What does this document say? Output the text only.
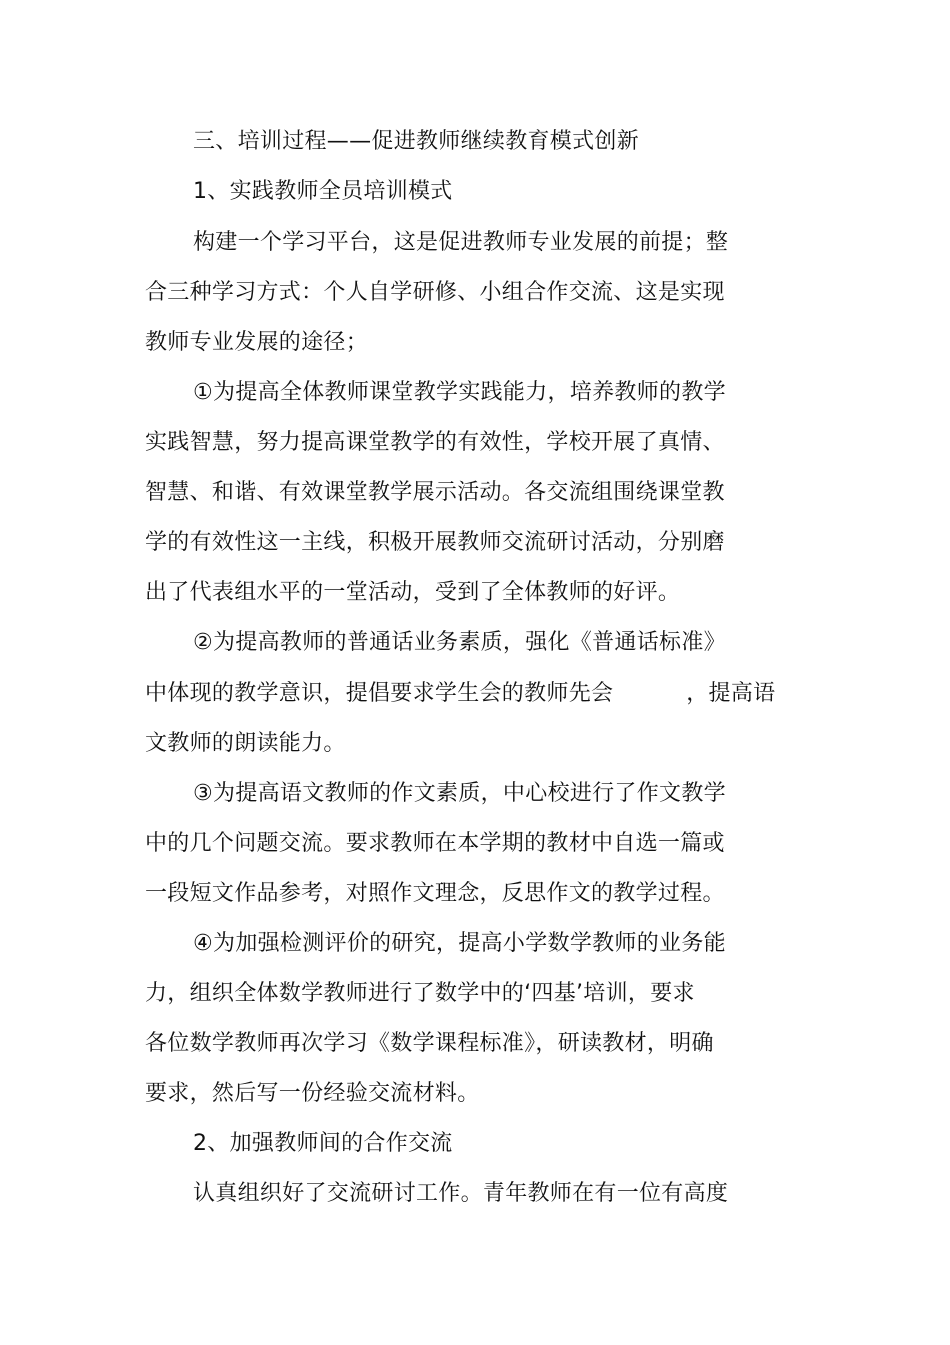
三、培训过程——促进教师继续教育模式创新
1、实践教师全员培训模式
构建一个学习平台，这是促进教师专业发展的前提；整
合三种学习方式：个人自学研修、小组合作交流、这是实现
教师专业发展的途径；
①为提高全体教师课堂教学实践能力，培养教师的教学
实践智慧，努力提高课堂教学的有效性，学校开展了真情、
智慧、和谐、有效课堂教学展示活动。各交流组围绕课堂教
学的有效性这一主线，积极开展教师交流研讨活动，分别磨
出了代表组水平的一堂活动，受到了全体教师的好评。
②为提高教师的普通话业务素质，强化《普通话标准》
中体现的教学意识，提倡要求学生会的教师先会          ，提高语
文教师的朗读能力。
③为提高语文教师的作文素质，中心校进行了作文教学
中的几个问题交流。要求教师在本学期的教材中自选一篇或
一段短文作品参考，对照作文理念，反思作文的教学过程。
④为加强检测评价的研究，提高小学数学教师的业务能
力，组织全体数学教师进行了数学中的‘四基’培训，要求
各位数学教师再次学习《数学课程标准》，研读教材，明确
要求，然后写一份经验交流材料。
2、加强教师间的合作交流
认真组织好了交流研讨工作。青年教师在有一位有高度
